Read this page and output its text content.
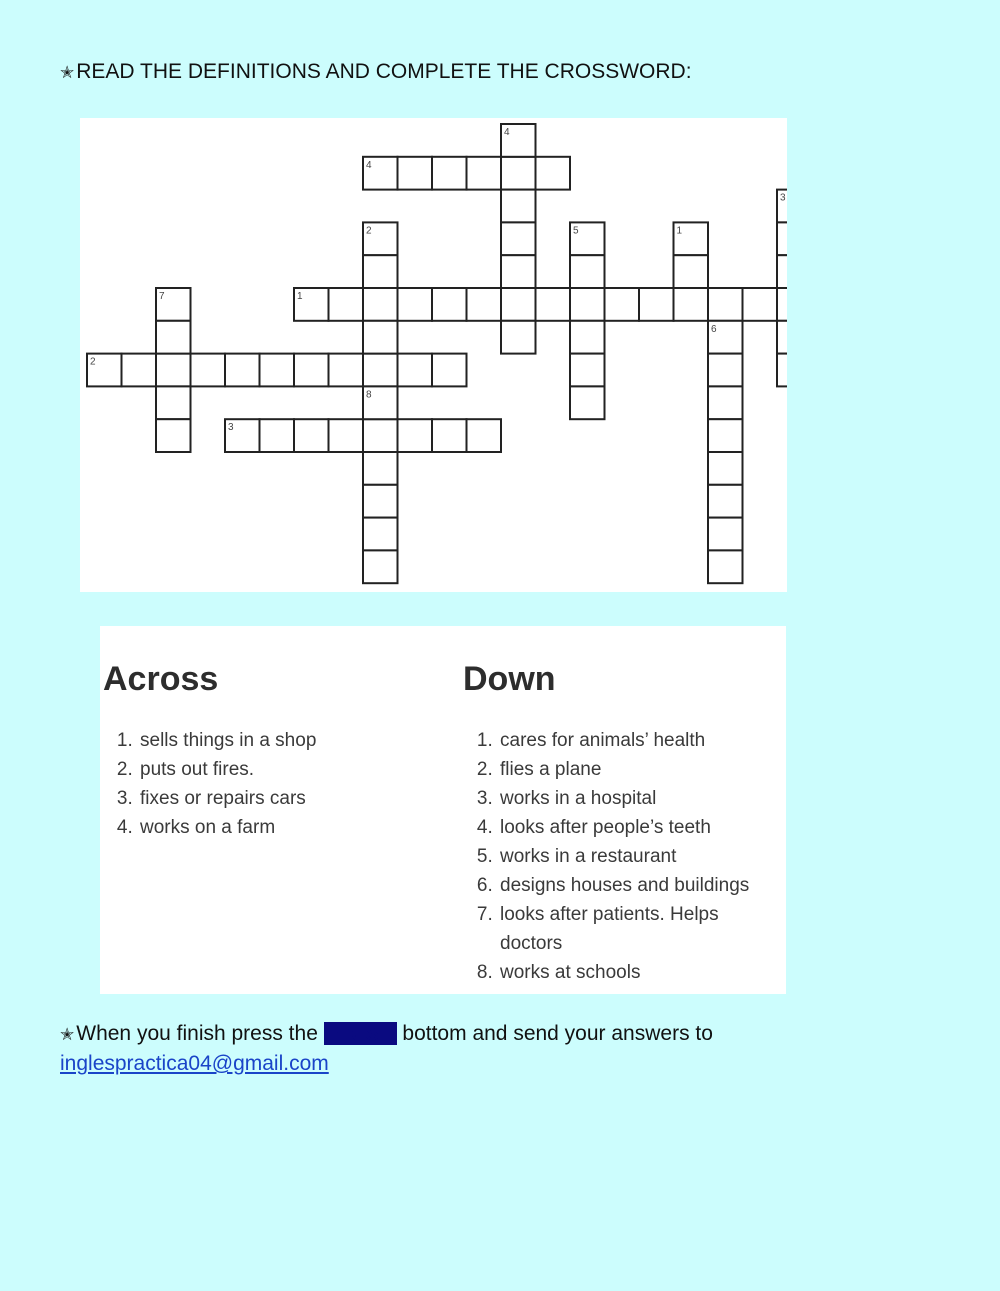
✭READ THE DEFINITIONS AND COMPLETE THE CROSSWORD:
1
2
3
4
1
2
3
4
5
6
7
8
Across
1. sells things in a shop
2. puts out fires.
3. fixes or repairs cars
4. works on a farm
Down
1. cares for animals’ health
2. flies a plane
3. works in a hospital
4. looks after people’s teeth
5. works in a restaurant
6. designs houses and buildings
7. looks after patients. Helps doctors
8. works at schools
✭When you finish press the FINISH bottom and send your answers to
inglespractica04@gmail.com
